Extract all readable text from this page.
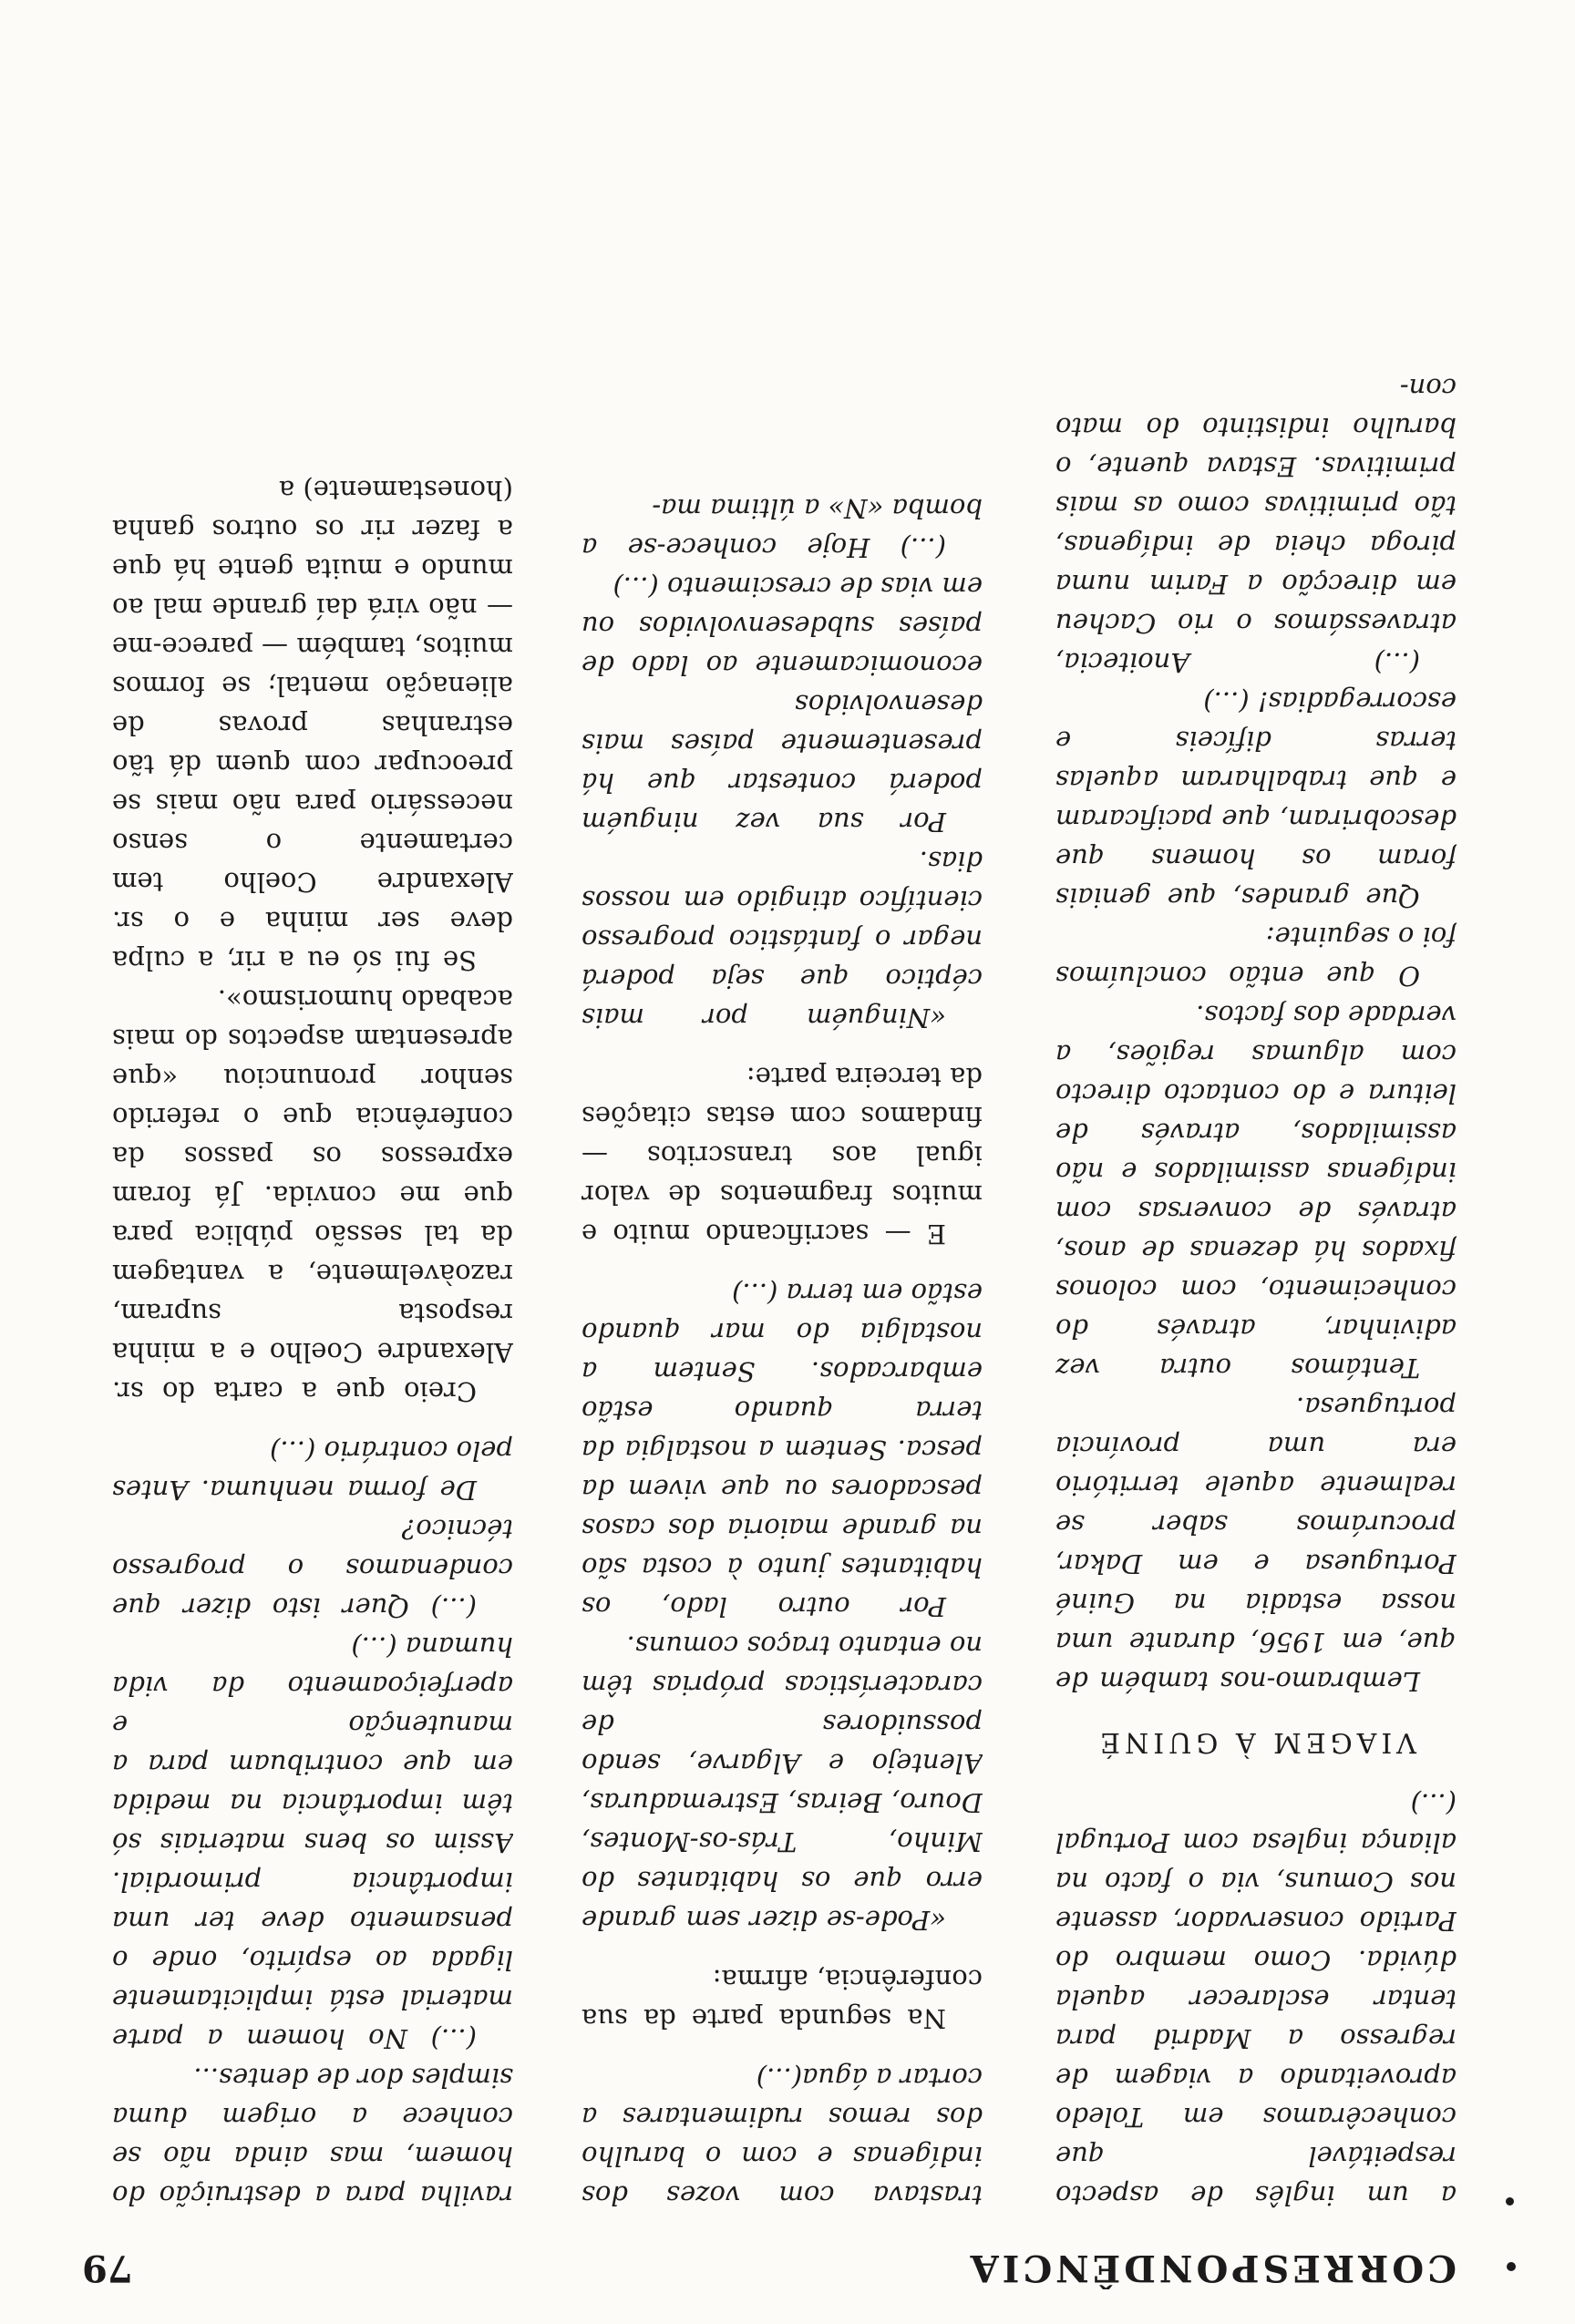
CORRESPONDÊNCIA
79

a um inglês de aspecto respeitável que conhecêramos em Toledo aproveitando a viagem de regresso a Madrid para tentar esclarecer aquela dúvida. Como membro do Partido conservador, assente nos Comuns, via o facto na aliança inglesa com Portugal (...)

VIAGEM À GUINÉ

Lembramo-nos também de que, em 1956, durante uma nossa estadia na Guiné Portuguesa e em Dakar, procurámos saber se realmente aquele território era uma província portuguesa.

Tentámos outra vez adivinhar, através do conhecimento, com colonos fixados há dezenas de anos, através de conversas com indígenas assimilados e não assimilados, através de leitura e do contacto directo com algumas regiões, a verdade dos factos.

O que então concluímos foi o seguinte:

Que grandes, que geniais foram os homens que descobriram, que pacificaram e que trabalharam aquelas terras difíceis e escorregadias! (...)

(...) Anoitecia, atravessámos o rio Cacheu em direcção a Farim numa piroga cheia de indígenas, tão primitivas como as mais primitivas. Estava quente, o barulho indistinto do mato con-

trastava com vozes dos indígenas e com o barulho dos remos rudimentares a cortar a água(...)

Na segunda parte da sua conferência, afirma:

«Pode-se dizer sem grande erro que os habitantes do Minho, Trás-os-Montes, Douro, Beiras, Estremaduras, Alentejo e Algarve, sendo possuidores de características próprias têm no entanto traços comuns.

Por outro lado, os habitantes junto à costa são na grande maioria dos casos pescadores ou que vivem da pesca. Sentem a nostalgia da terra quando estão embarcados. Sentem a nostalgia do mar quando estão em terra (...)

E — sacrificando muito e muitos fragmentos de valor igual aos transcritos — findamos com estas citações da terceira parte:

«Ninguém por mais céptico que seja poderá negar o fantástico progresso científico atingido em nossos dias.

Por sua vez ninguém poderá contestar que há presentemente países mais desenvolvidos economicamente ao lado de países subdesenvolvidos ou em vias de crescimento (...)

(...) Hoje conhece-se a bomba «N» a última ma-

ravilha para a destruição do homem, mas ainda não se conhece a origem duma simples dor de dentes...

(...) No homem a parte material está implicitamente ligada ao espírito, onde o pensamento deve ter uma importância primordial. Assim os bens materiais só têm importância na medida em que contribuam para a manutenção e aperfeiçoamento da vida humana (...)

(...) Quer isto dizer que condenamos o progresso técnico?

De forma nenhuma. Antes pelo contrário (...)

Creio que a carta do sr. Alexandre Coelho e a minha resposta supram, razoàvelmente, a vantagem da tal sessão pública para que me convida. Já foram expressos os passos da conferência que o referido senhor pronunciou «que apresentam aspectos do mais acabado humorismo».

Se fui só eu a rir, a culpa deve ser minha e o sr. Alexandre Coelho tem certamente o senso necessário para não mais se preocupar com quem dá tão estranhas provas de alienação mental; se formos muitos, também — parece-me — não virá daí grande mal ao mundo e muita gente há que a fazer rir os outros ganha (honestamente) a
